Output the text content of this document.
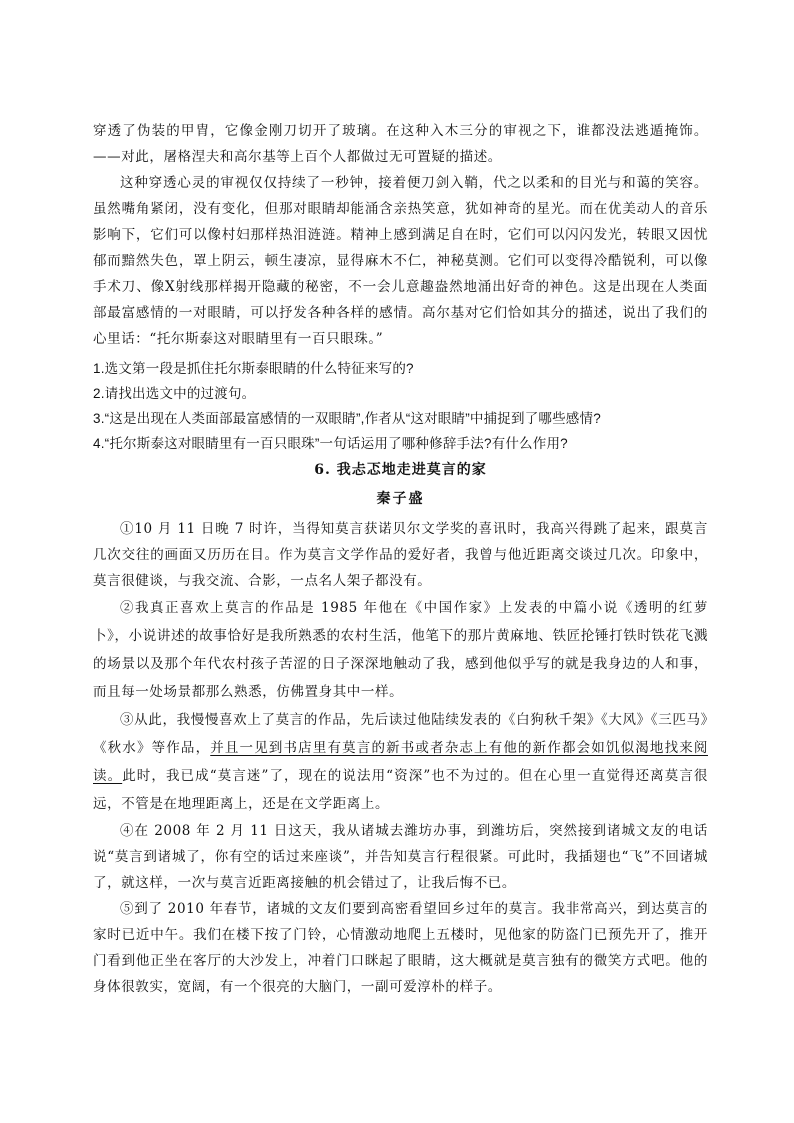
穿透了伪装的甲胄，它像金刚刀切开了玻璃。在这种入木三分的审视之下，谁都没法逃遁掩饰。——对此，屠格涅夫和高尔基等上百个人都做过无可置疑的描述。

这种穿透心灵的审视仅仅持续了一秒钟，接着便刀剑入鞘，代之以柔和的目光与和蔼的笑容。虽然嘴角紧闭，没有变化，但那对眼睛却能涌含亲热笑意，犹如神奇的星光。而在优美动人的音乐影响下，它们可以像村妇那样热泪涟涟。精神上感到满足自在时，它们可以闪闪发光，转眼又因忧郁而黯然失色，罩上阴云，顿生凄凉，显得麻木不仁，神秘莫测。它们可以变得冷酷锐利，可以像手术刀、像X射线那样揭开隐藏的秘密，不一会儿意趣盎然地涌出好奇的神色。这是出现在人类面部最富感情的一对眼睛，可以抒发各种各样的感情。高尔基对它们恰如其分的描述，说出了我们的心里话：“托尔斯泰这对眼睛里有一百只眼珠。”

1.选文第一段是抓住托尔斯泰眼睛的什么特征来写的?

2.请找出选文中的过渡句。

3.“这是出现在人类面部最富感情的一双眼睛”,作者从“这对眼睛”中捕捉到了哪些感情?

4.“托尔斯泰这对眼睛里有一百只眼珠”一句话运用了哪种修辞手法?有什么作用?

6. 我忐忑地走进莫言的家

秦子盛

①10 月 11 日晚 7 时许，当得知莫言获诺贝尔文学奖的喜讯时，我高兴得跳了起来，跟莫言几次交往的画面又历历在目。作为莫言文学作品的爱好者，我曾与他近距离交谈过几次。印象中，莫言很健谈，与我交流、合影，一点名人架子都没有。

②我真正喜欢上莫言的作品是 1985 年他在《中国作家》上发表的中篇小说《透明的红萝卜》，小说讲述的故事恰好是我所熟悉的农村生活，他笔下的那片黄麻地、铁匠抡锤打铁时铁花飞溅的场景以及那个年代农村孩子苦涩的日子深深地触动了我，感到他似乎写的就是我身边的人和事，而且每一处场景都那么熟悉，仿佛置身其中一样。

③从此，我慢慢喜欢上了莫言的作品，先后读过他陆续发表的《白狗秋千架》《大风》《三匹马》《秋水》等作品，并且一见到书店里有莫言的新书或者杂志上有他的新作都会如饥似渴地找来阅读。此时，我已成“莫言迷”了，现在的说法用“资深”也不为过的。但在心里一直觉得还离莫言很远，不管是在地理距离上，还是在文学距离上。

④在 2008 年 2 月 11 日这天，我从诸城去潍坊办事，到潍坊后，突然接到诸城文友的电话说“莫言到诸城了，你有空的话过来座谈”，并告知莫言行程很紧。可此时，我插翅也“飞”不回诸城了，就这样，一次与莫言近距离接触的机会错过了，让我后悔不已。

⑤到了 2010 年春节，诸城的文友们要到高密看望回乡过年的莫言。我非常高兴，到达莫言的家时已近中午。我们在楼下按了门铃，心情激动地爬上五楼时，见他家的防盗门已预先开了，推开门看到他正坐在客厅的大沙发上，冲着门口眯起了眼睛，这大概就是莫言独有的微笑方式吧。他的身体很敦实，宽阔，有一个很亮的大脑门，一副可爱淳朴的样子。
